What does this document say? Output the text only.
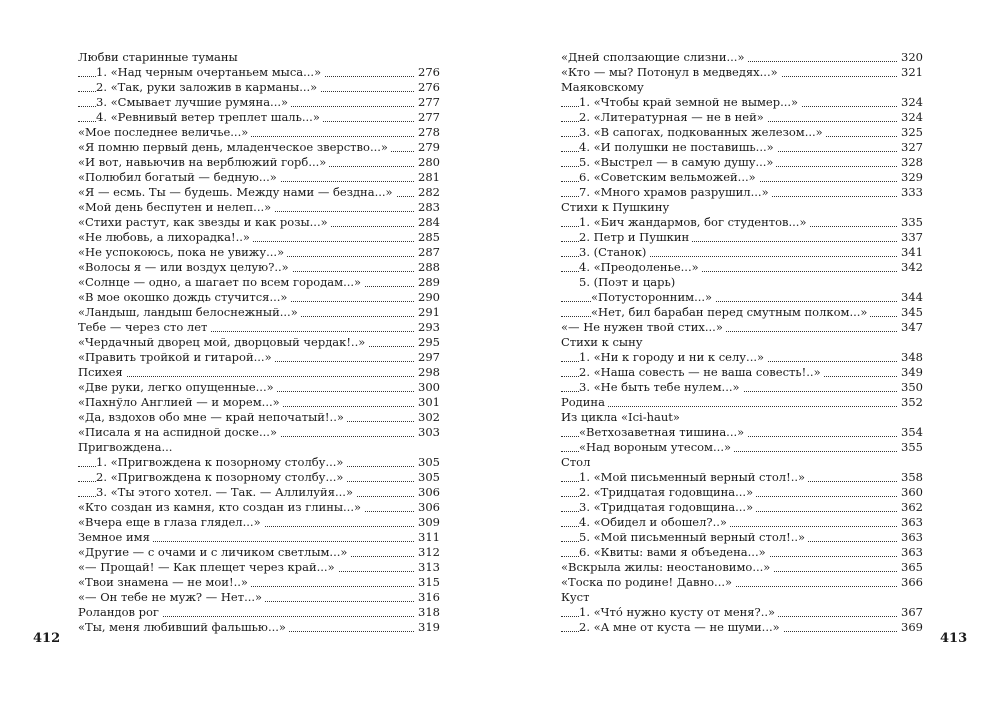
Любви старинные туманы
1. «Над черным очертаньем мыса...»	276
2. «Так, руки заложив в карманы...»	276
3. «Смывает лучшие румяна...»	277
4. «Ревнивый ветер треплет шаль...»	277
«Мое последнее величье...»	278
«Я помню первый день, младенческое зверство...»	279
«И вот, навьючив на верблюжий горб...»	280
«Полюбил богатый — бедную...»	281
«Я — есмь. Ты — будешь. Между нами — бездна...» 282
«Мой день беспутен и нелеп...»	283
«Стихи растут, как звезды и как розы...»	284
«Не любовь, а лихорадка!..»	285
«Не успокоюсь, пока не увижу...»	287
«Волосы я — или воздух целую?..»	288
«Солнце — одно, а шагает по всем городам...»	289
«В мое окошко дождь стучится...»	290
«Ландыш, ландыш белоснежный...»	291
Тебе — через сто лет	293
«Чердачный дворец мой, дворцовый чердак!..»	295
«Править тройкой и гитарой...»	297
Психея	298
«Две руки, легко опущенные...»	300
«Пахнўло Англией — и морем...»	301
«Да, вздохов обо мне — край непочатый!..»	302
«Писала я на аспидной доске...»	303
Пригвождена...
1. «Пригвождена к позорному столбу...»	305
2. «Пригвождена к позорному столбу...»	305
3. «Ты этого хотел. — Так. — Аллилуйя...»	306
«Кто создан из камня, кто создан из глины...»	306
«Вчера еще в глаза глядел...»	309
Земное имя	311
«Другие — с очами и с личиком светлым...»	312
«— Прощай! — Как плещет через край...»	313
«Твои знамена — не мои!..»	315
«— Он тебе не муж? — Нет...»	316
Роландов рог	318
«Ты, меня любивший фальшью...»	319
«Дней сползающие слизни...»	320
«Кто — мы? Потонул в медведях...»	321
Маяковскому
1. «Чтобы край земной не вымер...»	324
2. «Литературная — не в ней»	324
3. «В сапогах, подкованных железом...»	325
4. «И полушки не поставишь...»	327
5. «Выстрел — в самую душу...»	328
6. «Советским вельможей...»	329
7. «Много храмов разрушил...»	333
Стихи к Пушкину
1. «Бич жандармов, бог студентов...»	335
2. Петр и Пушкин	337
3. (Станок)	341
4. «Преодоленье...»	342
5. (Поэт и царь)
«Потусторонним...»	344
«Нет, бил барабан перед смутным полком...»	345
«— Не нужен твой стих...»	347
Стихи к сыну
1. «Ни к городу и ни к селу...»	348
2. «Наша совесть — не ваша совесть!..»	349
3. «Не быть тебе нулем...»	350
Родина	352
Из цикла «Ici-haut»
«Ветхозаветная тишина...»	354
«Над вороным утесом...»	355
Стол
1. «Мой письменный верный стол!..»	358
2. «Тридцатая годовщина...»	360
3. «Тридцатая годовщина...»	362
4. «Обидел и обошел?..»	363
5. «Мой письменный верный стол!..»	363
6. «Квиты: вами я объедена...»	363
«Вскрыла жилы: неостановимо...»	365
«Тоска по родине! Давно...»	366
Куст
1. «Что́ нужно кусту от меня?..»	367
2. «А мне от куста — не шуми...»	369
412	413
